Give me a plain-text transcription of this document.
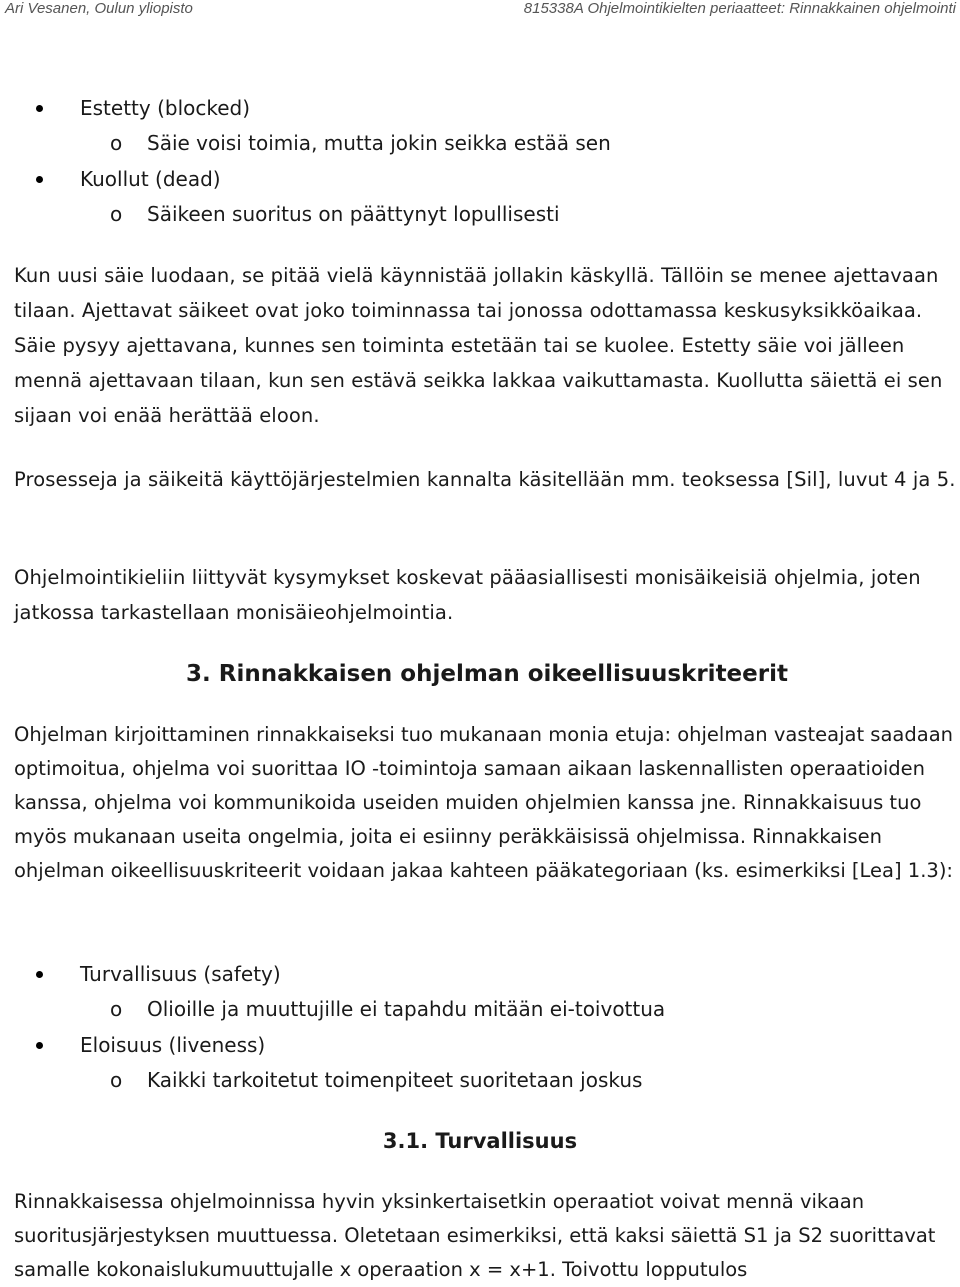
Ari Vesanen, Oulun yliopisto	815338A Ohjelmointikielten periaatteet: Rinnakkainen ohjelmointi
Estetty (blocked)
o Säie voisi toimia, mutta jokin seikka estää sen
Kuollut (dead)
o Säikeen suoritus on päättynyt lopullisesti

Kun uusi säie luodaan, se pitää vielä käynnistää jollakin käskyllä. Tällöin se menee ajettavaan tilaan. Ajettavat säikeet ovat joko toiminnassa tai jonossa odottamassa keskusyksikköaikaa. Säie pysyy ajettavana, kunnes sen toiminta estetään tai se kuolee. Estetty säie voi jälleen mennä ajettavaan tilaan, kun sen estävä seikka lakkaa vaikuttamasta. Kuollutta säiettä ei sen sijaan voi enää herättää eloon.

Prosesseja ja säikeitä käyttöjärjestelmien kannalta käsitellään mm. teoksessa [Sil], luvut 4 ja 5.

Ohjelmointikieliin liittyvät kysymykset koskevat pääasiallisesti monisäikeisiä ohjelmia, joten jatkossa tarkastellaan monisäieohjelmointia.

3. Rinnakkaisen ohjelman oikeellisuuskriteerit

Ohjelman kirjoittaminen rinnakkaiseksi tuo mukanaan monia etuja: ohjelman vasteajat saadaan optimoitua, ohjelma voi suorittaa IO -toimintoja samaan aikaan laskennallisten operaatioiden kanssa, ohjelma voi kommunikoida useiden muiden ohjelmien kanssa jne. Rinnakkaisuus tuo myös mukanaan useita ongelmia, joita ei esiinny peräkkäisissä ohjelmissa. Rinnakkaisen ohjelman oikeellisuuskriteerit voidaan jakaa kahteen pääkategoriaan (ks. esimerkiksi [Lea] 1.3):

Turvallisuus (safety)
o Olioille ja muuttujille ei tapahdu mitään ei-toivottua
Eloisuus (liveness)
o Kaikki tarkoitetut toimenpiteet suoritetaan joskus
3.1. Turvallisuus

Rinnakkaisessa ohjelmoinnissa hyvin yksinkertaisetkin operaatiot voivat mennä vikaan suoritusjärjestyksen muuttuessa. Oletetaan esimerkiksi, että kaksi säiettä S1 ja S2 suorittavat samalle kokonaislukumuuttujalle x operaation x = x+1. Toivottu lopputulos
